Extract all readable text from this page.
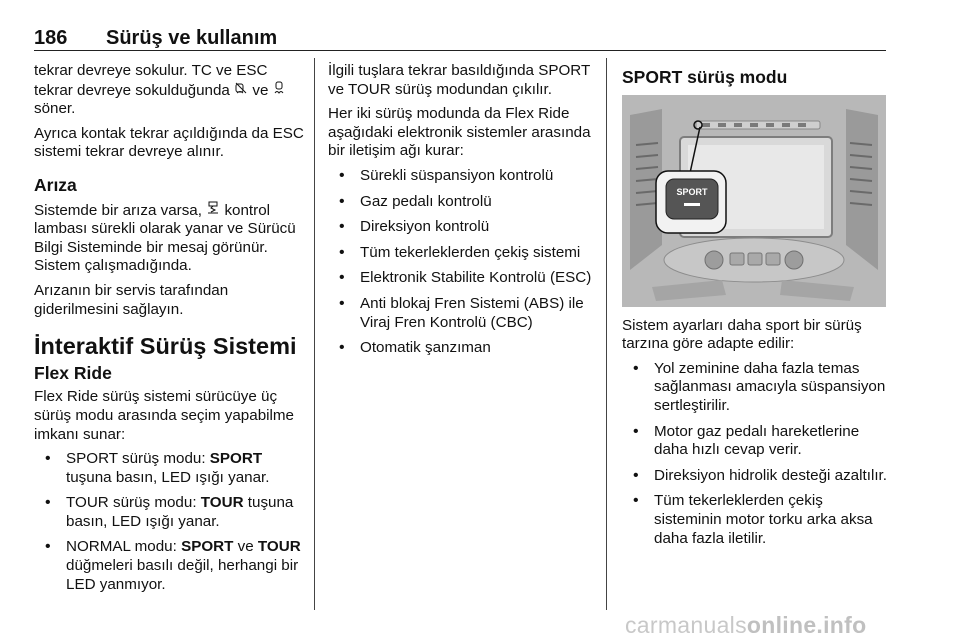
186 Sürüş ve kullanım

tekrar devreye sokulur. TC ve ESC tekrar devreye sokulduğunda ve  söner.

Ayrıca kontak tekrar açıldığında da ESC sistemi tekrar devreye alınır.

Arıza

Sistemde bir arıza varsa, kontrol lambası sürekli olarak yanar ve Sürücü Bilgi Sisteminde bir mesaj görünür. Sistem çalışmadığında.

Arızanın bir servis tarafından giderilmesini sağlayın.

İnteraktif Sürüş Sistemi
Flex Ride

Flex Ride sürüş sistemi sürücüye üç sürüş modu arasında seçim yapabilme imkanı sunar:

• SPORT sürüş modu: SPORT tuşuna basın, LED ışığı yanar.
• TOUR sürüş modu: TOUR tuşuna basın, LED ışığı yanar.
• NORMAL modu: SPORT ve TOUR düğmeleri basılı değil, herhangi bir LED yanmıyor.

İlgili tuşlara tekrar basıldığında SPORT ve TOUR sürüş modundan çıkılır.

Her iki sürüş modunda da Flex Ride aşağıdaki elektronik sistemler arasında bir iletişim ağı kurar:

• Sürekli süspansiyon kontrolü
• Gaz pedalı kontrolü
• Direksiyon kontrolü
• Tüm tekerleklerden çekiş sistemi
• Elektronik Stabilite Kontrolü (ESC)
• Anti blokaj Fren Sistemi (ABS) ile Viraj Fren Kontrolü (CBC)
• Otomatik şanzıman
SPORT sürüş modu
SPORT

Sistem ayarları daha sport bir sürüş tarzına göre adapte edilir:

• Yol zeminine daha fazla temas sağlanması amacıyla süspansiyon sertleştirilir.
• Motor gaz pedalı hareketlerine daha hızlı cevap verir.
• Direksiyon hidrolik desteği azaltılır.
• Tüm tekerleklerden çekiş sisteminin motor torku arka aksa daha fazla iletilir.
carmanualsonline.info
